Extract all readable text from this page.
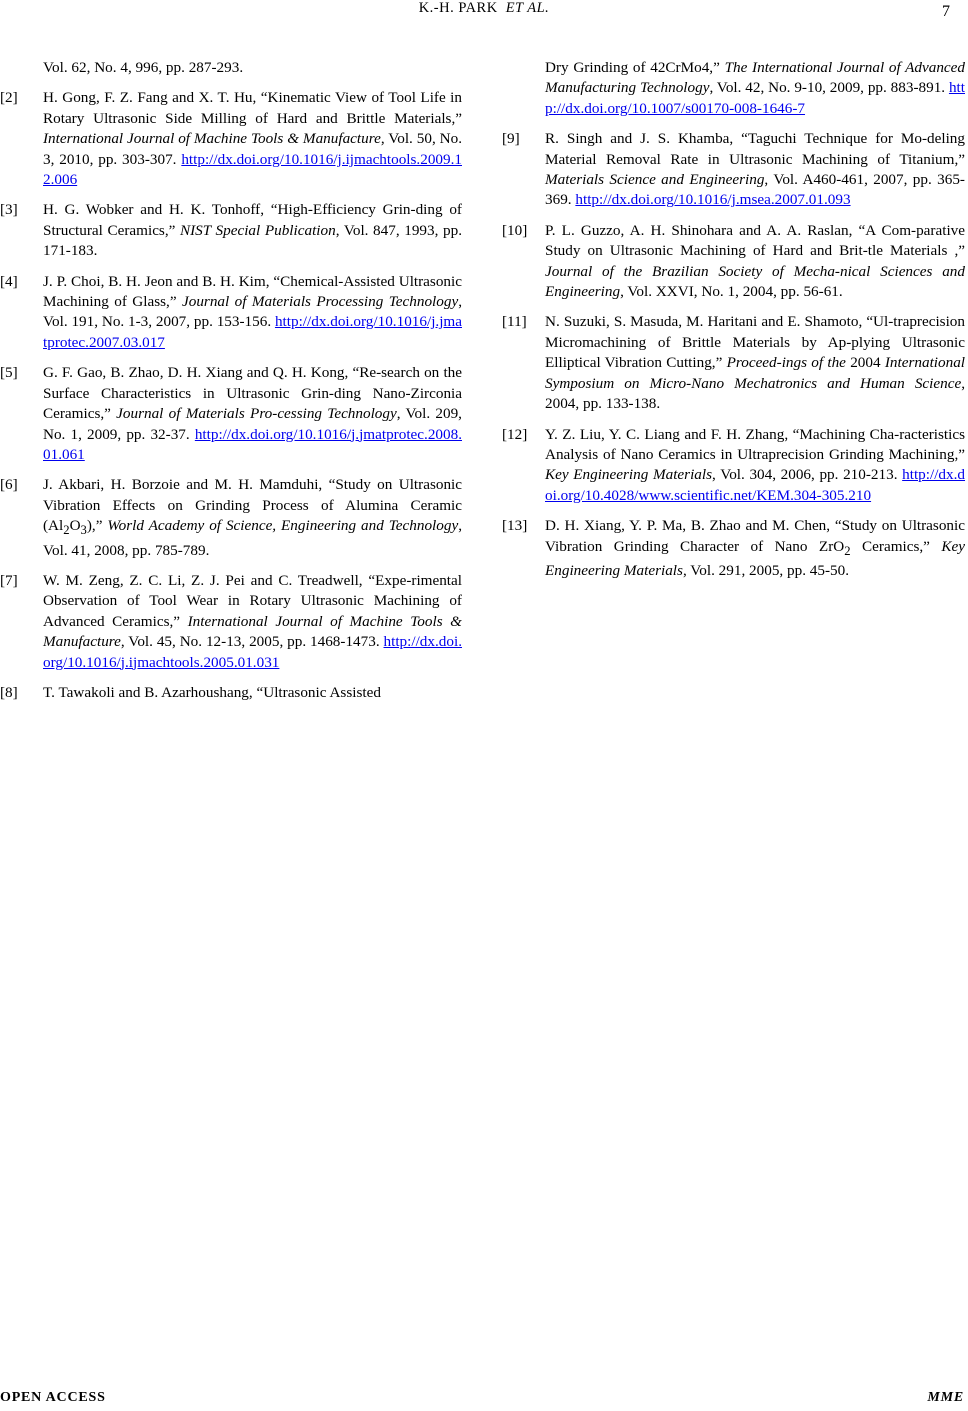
K.-H. PARK ET AL.	7
Vol. 62, No. 4, 996, pp. 287-293.
[2] H. Gong, F. Z. Fang and X. T. Hu, “Kinematic View of Tool Life in Rotary Ultrasonic Side Milling of Hard and Brittle Materials,” International Journal of Machine Tools & Manufacture, Vol. 50, No. 3, 2010, pp. 303-307. http://dx.doi.org/10.1016/j.ijmachtools.2009.12.006
[3] H. G. Wobker and H. K. Tonhoff, “High-Efficiency Grin-ding of Structural Ceramics,” NIST Special Publication, Vol. 847, 1993, pp. 171-183.
[4] J. P. Choi, B. H. Jeon and B. H. Kim, “Chemical-Assisted Ultrasonic Machining of Glass,” Journal of Materials Processing Technology, Vol. 191, No. 1-3, 2007, pp. 153-156. http://dx.doi.org/10.1016/j.jmatprotec.2007.03.017
[5] G. F. Gao, B. Zhao, D. H. Xiang and Q. H. Kong, “Re-search on the Surface Characteristics in Ultrasonic Grin-ding Nano-Zirconia Ceramics,” Journal of Materials Pro-cessing Technology, Vol. 209, No. 1, 2009, pp. 32-37. http://dx.doi.org/10.1016/j.jmatprotec.2008.01.061
[6] J. Akbari, H. Borzoie and M. H. Mamduhi, “Study on Ultrasonic Vibration Effects on Grinding Process of Alumina Ceramic $(Al_2O_3)$,” World Academy of Science, Engineering and Technology, Vol. 41, 2008, pp. 785-789.
[7] W. M. Zeng, Z. C. Li, Z. J. Pei and C. Treadwell, “Expe-rimental Observation of Tool Wear in Rotary Ultrasonic Machining of Advanced Ceramics,” International Journal of Machine Tools & Manufacture, Vol. 45, No. 12-13, 2005, pp. 1468-1473. http://dx.doi.org/10.1016/j.ijmachtools.2005.01.031
[8] T. Tawakoli and B. Azarhoushang, “Ultrasonic Assisted
Dry Grinding of 42CrMo4,” The International Journal of Advanced Manufacturing Technology, Vol. 42, No. 9-10, 2009, pp. 883-891. http://dx.doi.org/10.1007/s00170-008-1646-7
[9] R. Singh and J. S. Khamba, “Taguchi Technique for Mo-deling Material Removal Rate in Ultrasonic Machining of Titanium,” Materials Science and Engineering, Vol. A460-461, 2007, pp. 365-369. http://dx.doi.org/10.1016/j.msea.2007.01.093
[10] P. L. Guzzo, A. H. Shinohara and A. A. Raslan, “A Com-parative Study on Ultrasonic Machining of Hard and Brit-tle Materials ,” Journal of the Brazilian Society of Mecha-nical Sciences and Engineering, Vol. XXVI, No. 1, 2004, pp. 56-61.
[11] N. Suzuki, S. Masuda, M. Haritani and E. Shamoto, “Ul-traprecision Micromachining of Brittle Materials by Ap-plying Ultrasonic Elliptical Vibration Cutting,” Proceed-ings of the 2004 International Symposium on Micro-Nano Mechatronics and Human Science, 2004, pp. 133-138.
[12] Y. Z. Liu, Y. C. Liang and F. H. Zhang, “Machining Cha-racteristics Analysis of Nano Ceramics in Ultraprecision Grinding Machining,” Key Engineering Materials, Vol. 304, 2006, pp. 210-213. http://dx.doi.org/10.4028/www.scientific.net/KEM.304-305.210
[13] D. H. Xiang, Y. P. Ma, B. Zhao and M. Chen, “Study on Ultrasonic Vibration Grinding Character of Nano ZrO$_2$ Ceramics,” Key Engineering Materials, Vol. 291, 2005, pp. 45-50.
OPEN ACCESS	MME
